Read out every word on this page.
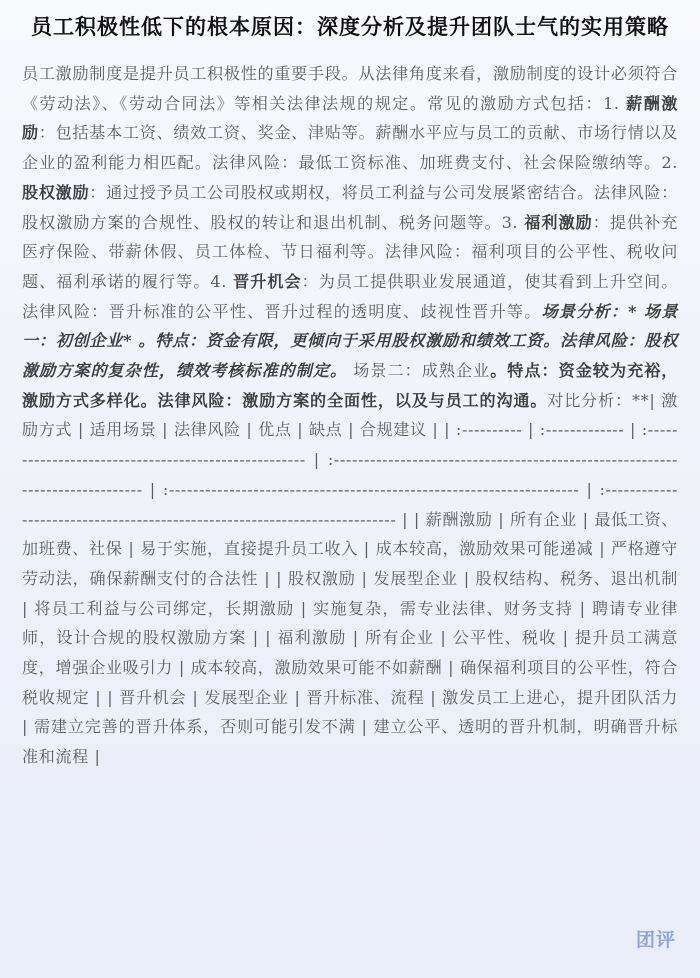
员工积极性低下的根本原因：深度分析及提升团队士气的实用策略
员工激励制度是提升员工积极性的重要手段。从法律角度来看，激励制度的设计必须符合《劳动法》、《劳动合同法》等相关法律法规的规定。常见的激励方式包括：1. 薪酬激励：包括基本工资、绩效工资、奖金、津贴等。薪酬水平应与员工的贡献、市场行情以及企业的盈利能力相匹配。法律风险：最低工资标准、加班费支付、社会保险缴纳等。2. 股权激励：通过授予员工公司股权或期权，将员工利益与公司发展紧密结合。法律风险：股权激励方案的合规性、股权的转让和退出机制、税务问题等。3. 福利激励：提供补充医疗保险、带薪休假、员工体检、节日福利等。法律风险：福利项目的公平性、税收问题、福利承诺的履行等。4. 晋升机会：为员工提供职业发展通道，使其看到上升空间。法律风险：晋升标准的公平性、晋升过程的透明度、歧视性晋升等。场景分析：* 场景一：初创企业* 。特点：资金有限，更倾向于采用股权激励和绩效工资。法律风险：股权激励方案的复杂性，绩效考核标准的制定。 场景二：成熟企业。特点：资金较为充裕，激励方式多样化。法律风险：激励方案的全面性，以及与员工的沟通。对比分析：**| 激励方式 | 适用场景 | 法律风险 | 优点 | 缺点 | 合规建议 | | :---------- | :------------- | :---------------------------------------------------- | :----------------------------------------------------------------------------- | :-------------------------------------------------------------------- | :-------------------------------------------------------------------------- | | 薪酬激励 | 所有企业 | 最低工资、加班费、社保 | 易于实施，直接提升员工收入 | 成本较高，激励效果可能递减 | 严格遵守劳动法，确保薪酬支付的合法性 | | 股权激励 | 发展型企业 | 股权结构、税务、退出机制 | 将员工利益与公司绑定，长期激励 | 实施复杂，需专业法律、财务支持 | 聘请专业律师，设计合规的股权激励方案 | | 福利激励 | 所有企业 | 公平性、税收 | 提升员工满意度，增强企业吸引力 | 成本较高，激励效果可能不如薪酬 | 确保福利项目的公平性，符合税收规定 | | 晋升机会 | 发展型企业 | 晋升标准、流程 | 激发员工上进心，提升团队活力 | 需建立完善的晋升体系，否则可能引发不满 | 建立公平、透明的晋升机制，明确晋升标准和流程 |
团评
